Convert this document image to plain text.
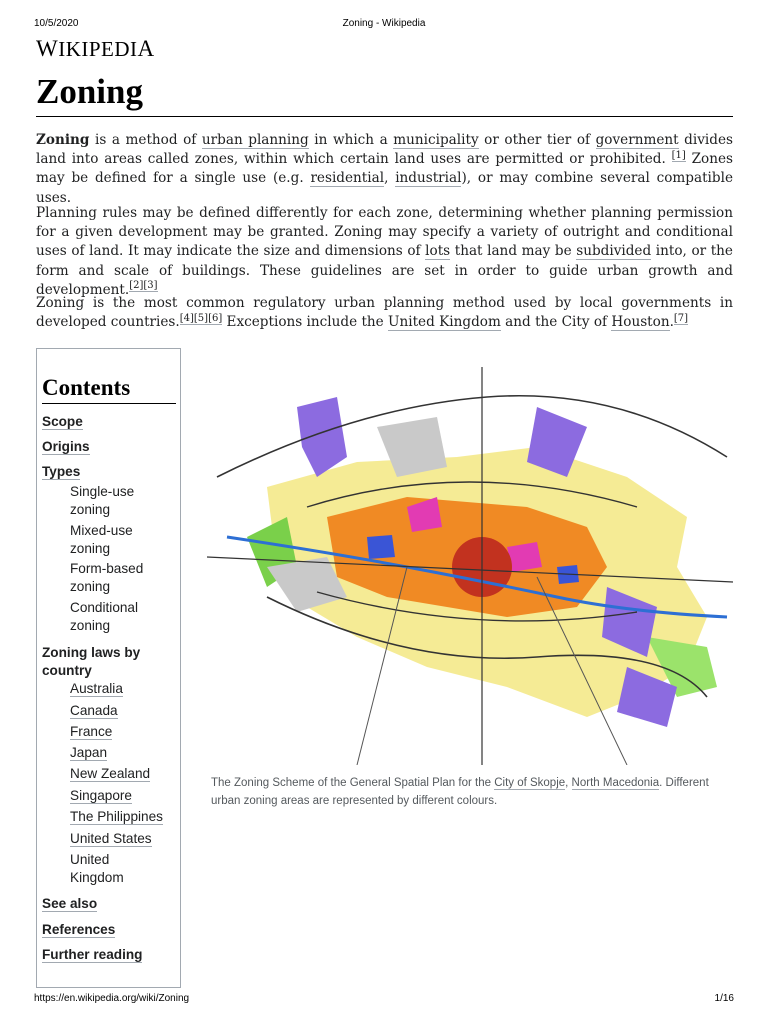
10/5/2020	Zoning - Wikipedia
WIKIPEDIA
Zoning

Zoning is a method of urban planning in which a municipality or other tier of government divides land into areas called zones, within which certain land uses are permitted or prohibited. [1] Zones may be defined for a single use (e.g. residential, industrial), or may combine several compatible uses.

Planning rules may be defined differently for each zone, determining whether planning permission for a given development may be granted. Zoning may specify a variety of outright and conditional uses of land. It may indicate the size and dimensions of lots that land may be subdivided into, or the form and scale of buildings. These guidelines are set in order to guide urban growth and development.[2][3]

Zoning is the most common regulatory urban planning method used by local governments in developed countries.[4][5][6] Exceptions include the United Kingdom and the City of Houston.[7]

Contents
Scope
Origins
Types
Single-use
zoning
Mixed-use
zoning
Form-based
zoning
Conditional
zoning
Zoning laws by
country
Australia
Canada
France
Japan
New Zealand
Singapore
The Philippines
United States
United
Kingdom
See also
References
Further reading
The Zoning Scheme of the General Spatial Plan for the City of Skopje, North Macedonia. Different urban zoning areas are represented by different colours.
https://en.wikipedia.org/wiki/Zoning	1/16
